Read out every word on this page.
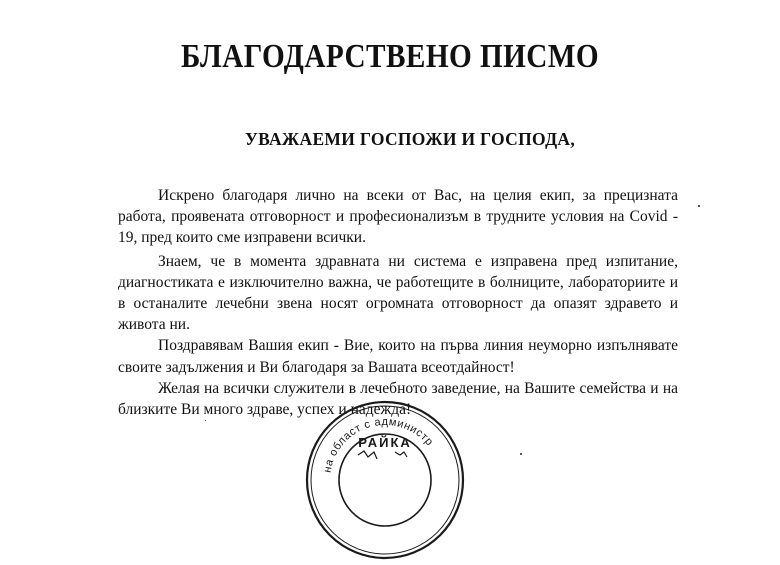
БЛАГОДАРСТВЕНО ПИСМО
УВАЖАЕМИ ГОСПОЖИ И ГОСПОДА,

Искрено благодаря лично на всеки от Вас, на целия екип, за прецизната работа, проявената отговорност и професионализъм в трудните условия на Covid - 19, пред които сме изправени всички.

Знаем, че в момента здравната ни система е изправена пред изпитание, диагностиката е изключително важна, че работещите в болниците, лабораториите и в останалите лечебни звена носят огромната отговорност да опазят здравето и живота ни.

Поздравявам Вашия екип - Вие, които на първа линия неуморно изпълнявате своите задължения и Ви благодаря за Вашата всеотдайност!

Желая на всички служители в лечебното заведение, на Вашите семейства и на близките Ви много здраве, успех и надежда!

на област с администр
РАЙКА
